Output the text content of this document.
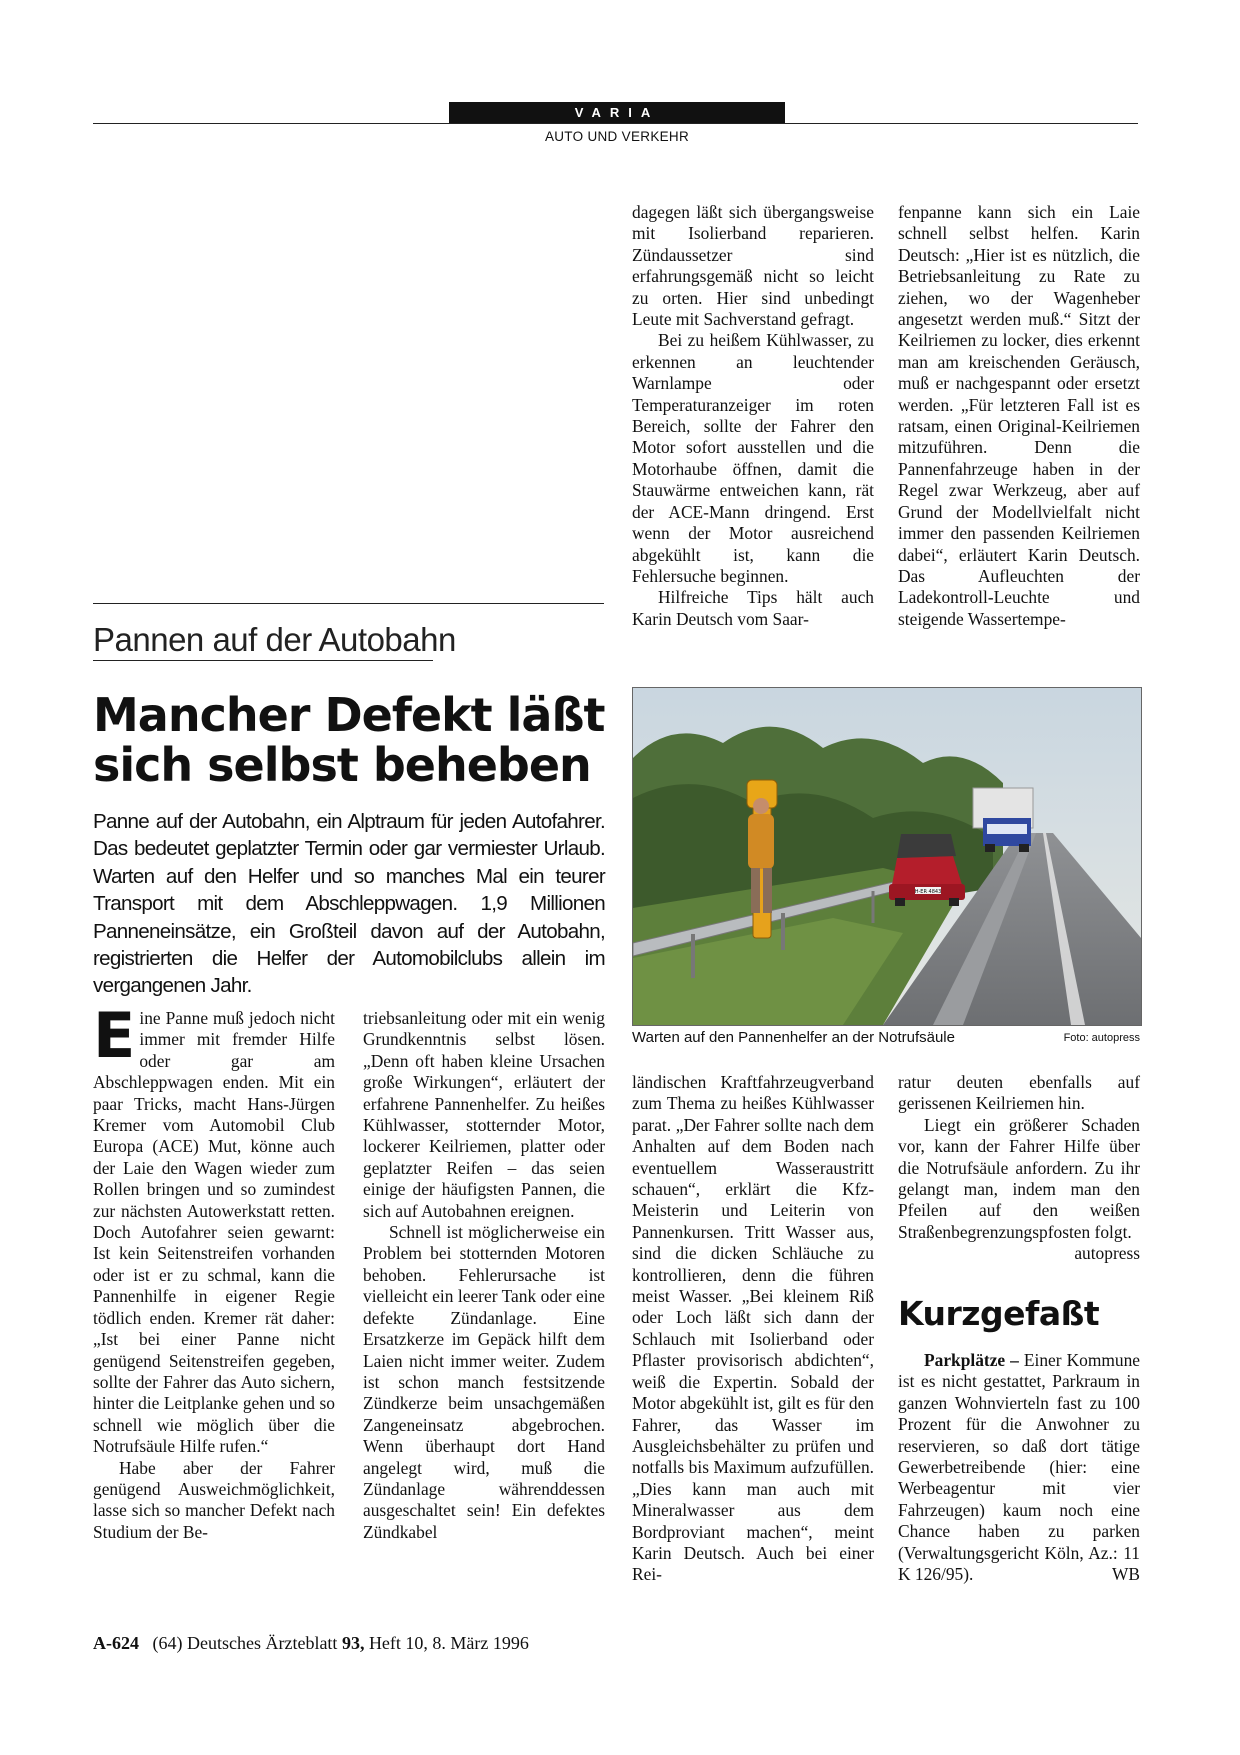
VARIA
AUTO UND VERKEHR
Pannen auf der Autobahn
Mancher Defekt läßt
sich selbst beheben
Panne auf der Autobahn, ein Alptraum für jeden Autofahrer. Das bedeutet geplatzter Termin oder gar vermiester Urlaub. Warten auf den Helfer und so manches Mal ein teurer Transport mit dem Abschleppwagen. 1,9 Millionen Panneneinsätze, ein Großteil davon auf der Autobahn, registrierten die Helfer der Automobilclubs allein im vergangenen Jahr.

Eine Panne muß jedoch nicht immer mit fremder Hilfe oder gar am Abschleppwagen enden. Mit ein paar Tricks, macht Hans-Jürgen Kremer vom Automobil Club Europa (ACE) Mut, könne auch der Laie den Wagen wieder zum Rollen bringen und so zumindest zur nächsten Autowerkstatt retten. Doch Autofahrer seien gewarnt: Ist kein Seitenstreifen vorhanden oder ist er zu schmal, kann die Pannenhilfe in eigener Regie tödlich enden. Kremer rät daher: „Ist bei einer Panne nicht genügend Seitenstreifen gegeben, sollte der Fahrer das Auto sichern, hinter die Leitplanke gehen und so schnell wie möglich über die Notrufsäule Hilfe rufen.“

Habe aber der Fahrer genügend Ausweichmöglichkeit, lasse sich so mancher Defekt nach Studium der Be-

triebsanleitung oder mit ein wenig Grundkenntnis selbst lösen. „Denn oft haben kleine Ursachen große Wirkungen“, erläutert der erfahrene Pannenhelfer. Zu heißes Kühlwasser, stotternder Motor, lockerer Keilriemen, platter oder geplatzter Reifen – das seien einige der häufigsten Pannen, die sich auf Autobahnen ereignen.

Schnell ist möglicherweise ein Problem bei stotternden Motoren behoben. Fehlerursache ist vielleicht ein leerer Tank oder eine defekte Zündanlage. Eine Ersatzkerze im Gepäck hilft dem Laien nicht immer weiter. Zudem ist schon manch festsitzende Zündkerze beim unsachgemäßen Zangeneinsatz abgebrochen. Wenn überhaupt dort Hand angelegt wird, muß die Zündanlage währenddessen ausgeschaltet sein! Ein defektes Zündkabel

dagegen läßt sich übergangsweise mit Isolierband reparieren. Zündaussetzer sind erfahrungsgemäß nicht so leicht zu orten. Hier sind unbedingt Leute mit Sachverstand gefragt.

Bei zu heißem Kühlwasser, zu erkennen an leuchtender Warnlampe oder Temperaturanzeiger im roten Bereich, sollte der Fahrer den Motor sofort ausstellen und die Motorhaube öffnen, damit die Stauwärme entweichen kann, rät der ACE-Mann dringend. Erst wenn der Motor ausreichend abgekühlt ist, kann die Fehlersuche beginnen.

Hilfreiche Tips hält auch Karin Deutsch vom Saar-

fenpanne kann sich ein Laie schnell selbst helfen. Karin Deutsch: „Hier ist es nützlich, die Betriebsanleitung zu Rate zu ziehen, wo der Wagenheber angesetzt werden muß.“ Sitzt der Keilriemen zu locker, dies erkennt man am kreischenden Geräusch, muß er nachgespannt oder ersetzt werden. „Für letzteren Fall ist es ratsam, einen Original-Keilriemen mitzuführen. Denn die Pannenfahrzeuge haben in der Regel zwar Werkzeug, aber auf Grund der Modellvielfalt nicht immer den passenden Keilriemen dabei“, erläutert Karin Deutsch. Das Aufleuchten der Ladekontroll-Leuchte und steigende Wassertempe-

H-ER 4843
Warten auf den Pannenhelfer an der Notrufsäule	Foto: autopress

ländischen Kraftfahrzeugverband zum Thema zu heißes Kühlwasser parat. „Der Fahrer sollte nach dem Anhalten auf dem Boden nach eventuellem Wasseraustritt schauen“, erklärt die Kfz-Meisterin und Leiterin von Pannenkursen. Tritt Wasser aus, sind die dicken Schläuche zu kontrollieren, denn die führen meist Wasser. „Bei kleinem Riß oder Loch läßt sich dann der Schlauch mit Isolierband oder Pflaster provisorisch abdichten“, weiß die Expertin. Sobald der Motor abgekühlt ist, gilt es für den Fahrer, das Wasser im Ausgleichsbehälter zu prüfen und notfalls bis Maximum aufzufüllen. „Dies kann man auch mit Mineralwasser aus dem Bordproviant machen“, meint Karin Deutsch. Auch bei einer Rei-

ratur deuten ebenfalls auf gerissenen Keilriemen hin.

Liegt ein größerer Schaden vor, kann der Fahrer Hilfe über die Notrufsäule anfordern. Zu ihr gelangt man, indem man den Pfeilen auf den weißen Straßenbegrenzungspfosten folgt.
autopress

Kurzgefaßt

Parkplätze – Einer Kommune ist es nicht gestattet, Parkraum in ganzen Wohnvierteln fast zu 100 Prozent für die Anwohner zu reservieren, so daß dort tätige Gewerbetreibende (hier: eine Werbeagentur mit vier Fahrzeugen) kaum noch eine Chance haben zu parken (Verwaltungsgericht Köln, Az.: 11 K 126/95).	WB

A-624 (64) Deutsches Ärzteblatt 93, Heft 10, 8. März 1996
